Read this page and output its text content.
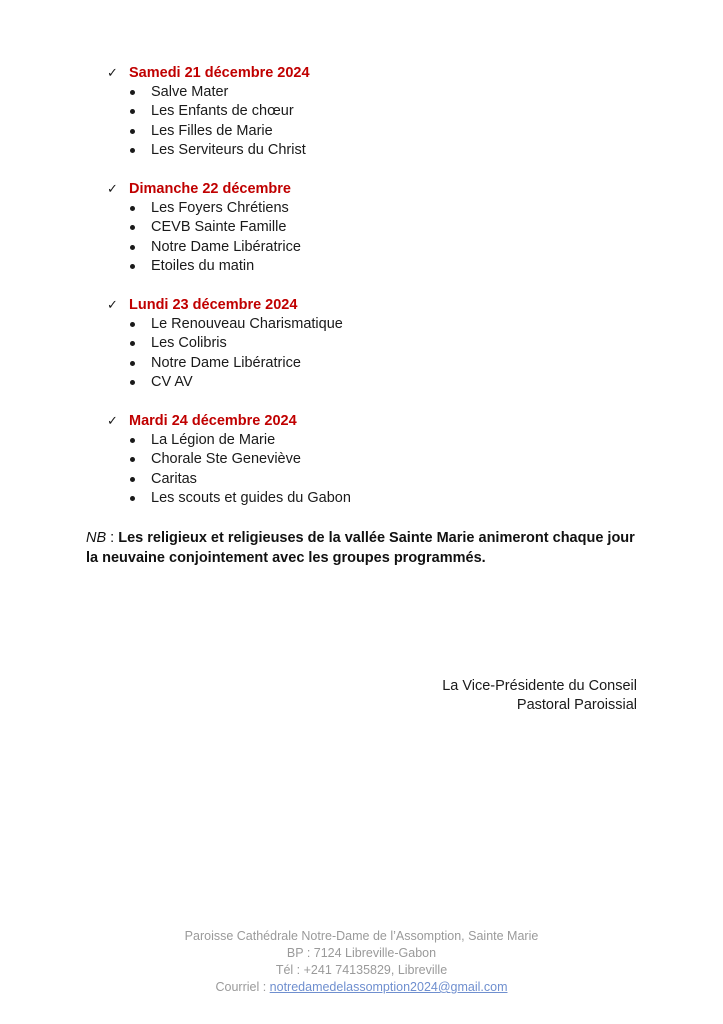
✓ Samedi 21 décembre 2024
Salve Mater
Les Enfants de chœur
Les Filles de Marie
Les Serviteurs du Christ
✓ Dimanche 22 décembre
Les Foyers Chrétiens
CEVB Sainte Famille
Notre Dame Libératrice
Etoiles du matin
✓ Lundi 23 décembre 2024
Le Renouveau Charismatique
Les Colibris
Notre Dame Libératrice
CV AV
✓ Mardi 24 décembre 2024
La Légion de Marie
Chorale Ste Geneviève
Caritas
Les scouts et guides du Gabon

NB : Les religieux et religieuses de la vallée Sainte Marie animeront chaque jour la neuvaine conjointement avec les groupes programmés.

La Vice-Présidente du Conseil
Pastoral Paroissial
Paroisse Cathédrale Notre-Dame de l’Assomption, Sainte Marie
BP : 7124 Libreville-Gabon
Tél : +241 74135829, Libreville
Courriel : notredamedelassomption2024@gmail.com
